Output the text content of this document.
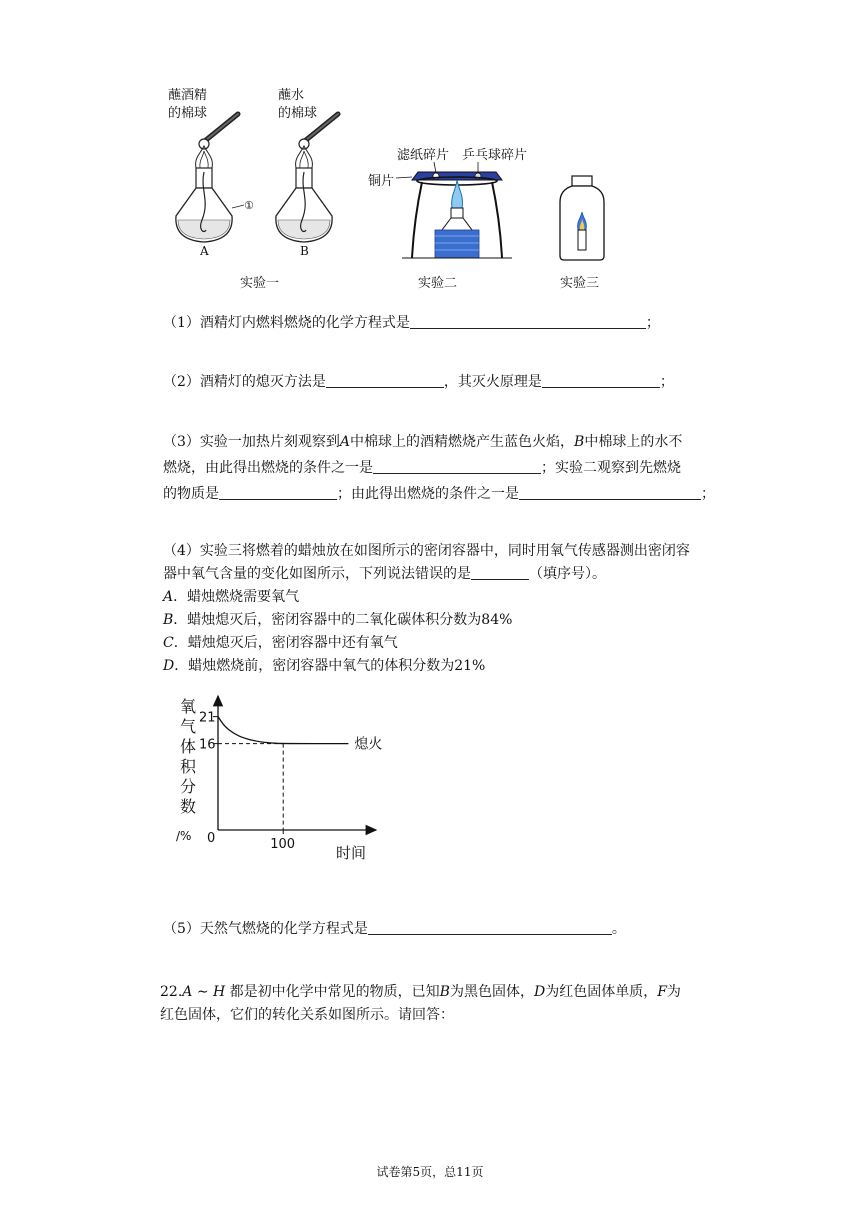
①
蘸酒精
的棉球
蘸水
的棉球
A	B
滤纸碎片 乒乓球碎片
铜片
实验一	实验二	实验三
（1）酒精灯内燃料燃烧的化学方程式是	；
（2）酒精灯的熄灭方法是	，其灭火原理是	；
（3）实验一加热片刻观察到A中棉球上的酒精燃烧产生蓝色火焰，B中棉球上的水不
燃烧，由此得出燃烧的条件之一是	；实验二观察到先燃烧
的物质是	；由此得出燃烧的条件之一是	；
（4）实验三将燃着的蜡烛放在如图所示的密闭容器中，同时用氧气传感器测出密闭容
器中氧气含量的变化如图所示，下列说法错误的是	（填序号）。
A．蜡烛燃烧需要氧气
B．蜡烛熄灭后，密闭容器中的二氧化碳体积分数为84%
C．蜡烛熄灭后，密闭容器中还有氧气
D．蜡烛燃烧前，密闭容器中氧气的体积分数为21%
氧
气
体
积
分
数
21
16
100
0
时间
/%
熄火
（5）天然气燃烧的化学方程式是	。
22.A ∼ H 都是初中化学中常见的物质，已知B为黑色固体，D为红色固体单质，F为
红色固体，它们的转化关系如图所示。请回答：
试卷第5页，总11页
